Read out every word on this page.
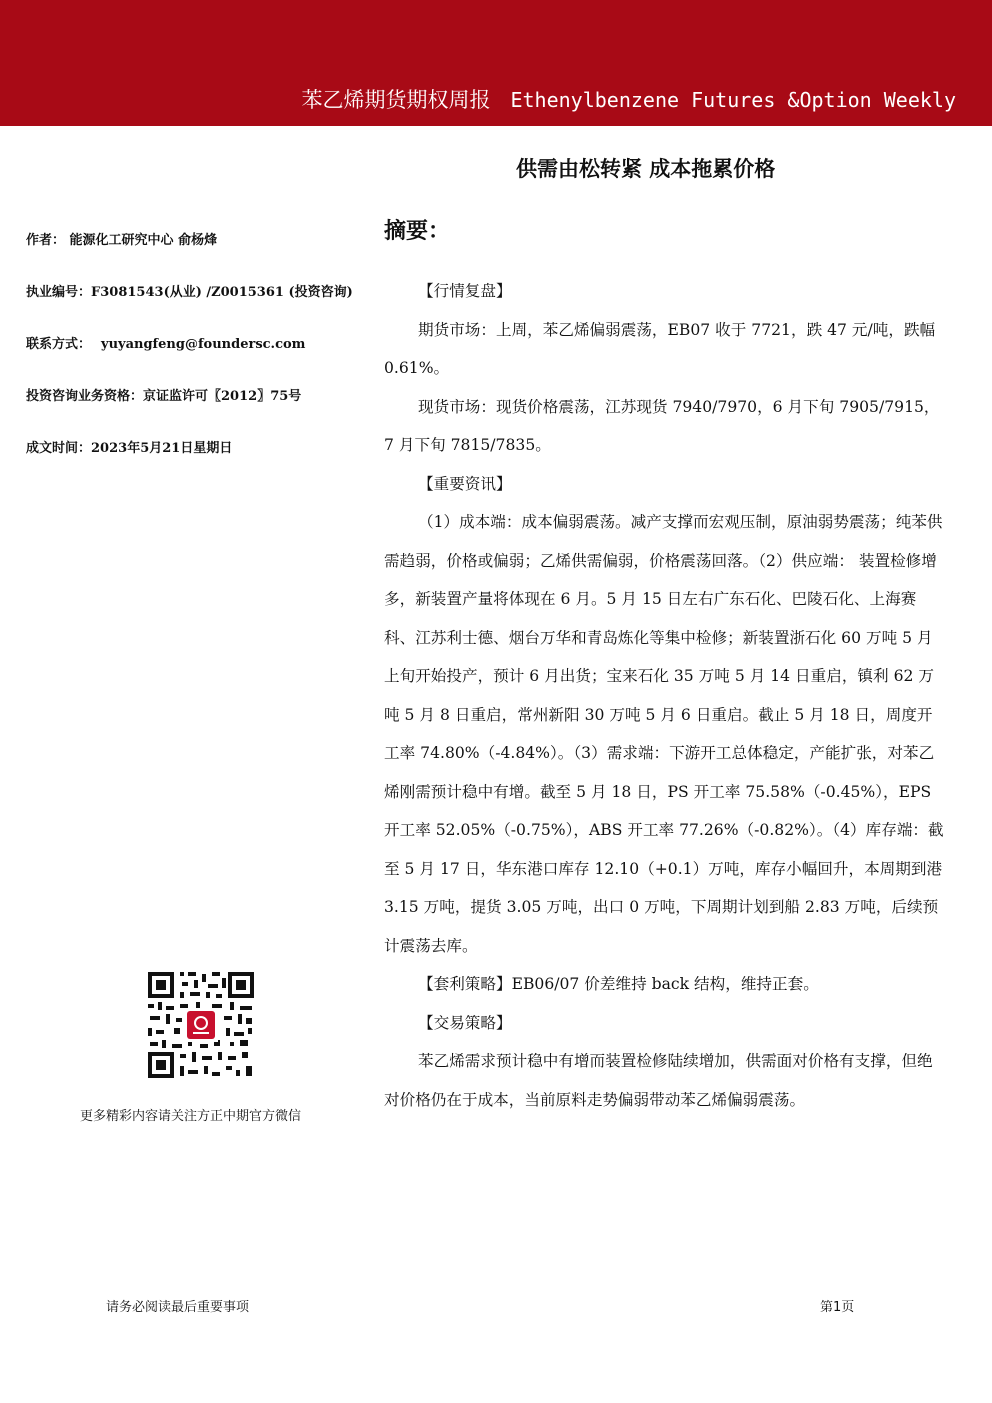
苯乙烯期货期权周报 Ethenylbenzene Futures &Option Weekly
供需由松转紧 成本拖累价格
摘要：
作者： 能源化工研究中心 俞杨烽
执业编号：F3081543(从业) /Z0015361 (投资咨询)
联系方式： yuyangfeng@foundersc.com
投资咨询业务资格：京证监许可〖2012〗75号
成文时间：2023年5月21日星期日

【行情复盘】

期货市场：上周，苯乙烯偏弱震荡，EB07 收于 7721，跌 47 元/吨，跌幅 0.61%。

现货市场：现货价格震荡，江苏现货 7940/7970，6 月下旬 7905/7915，7 月下旬 7815/7835。

【重要资讯】

（1）成本端：成本偏弱震荡。减产支撑而宏观压制，原油弱势震荡；纯苯供需趋弱，价格或偏弱；乙烯供需偏弱，价格震荡回落。（2）供应端： 装置检修增多，新装置产量将体现在 6 月。5 月 15 日左右广东石化、巴陵石化、上海赛科、江苏利士德、烟台万华和青岛炼化等集中检修；新装置浙石化 60 万吨 5 月上旬开始投产，预计 6 月出货；宝来石化 35 万吨 5 月 14 日重启，镇利 62 万吨 5 月 8 日重启，常州新阳 30 万吨 5 月 6 日重启。截止 5 月 18 日，周度开工率 74.80%（-4.84%）。（3）需求端：下游开工总体稳定，产能扩张，对苯乙烯刚需预计稳中有增。截至 5 月 18 日，PS 开工率 75.58%（-0.45%），EPS 开工率 52.05%（-0.75%），ABS 开工率 77.26%（-0.82%）。（4）库存端：截至 5 月 17 日，华东港口库存 12.10（+0.1）万吨，库存小幅回升，本周期到港 3.15 万吨，提货 3.05 万吨，出口 0 万吨，下周期计划到船 2.83 万吨，后续预计震荡去库。

【套利策略】EB06/07 价差维持 back 结构，维持正套。

【交易策略】

苯乙烯需求预计稳中有增而装置检修陆续增加，供需面对价格有支撑，但绝对价格仍在于成本，当前原料走势偏弱带动苯乙烯偏弱震荡。

更多精彩内容请关注方正中期官方微信
请务必阅读最后重要事项	第1页
